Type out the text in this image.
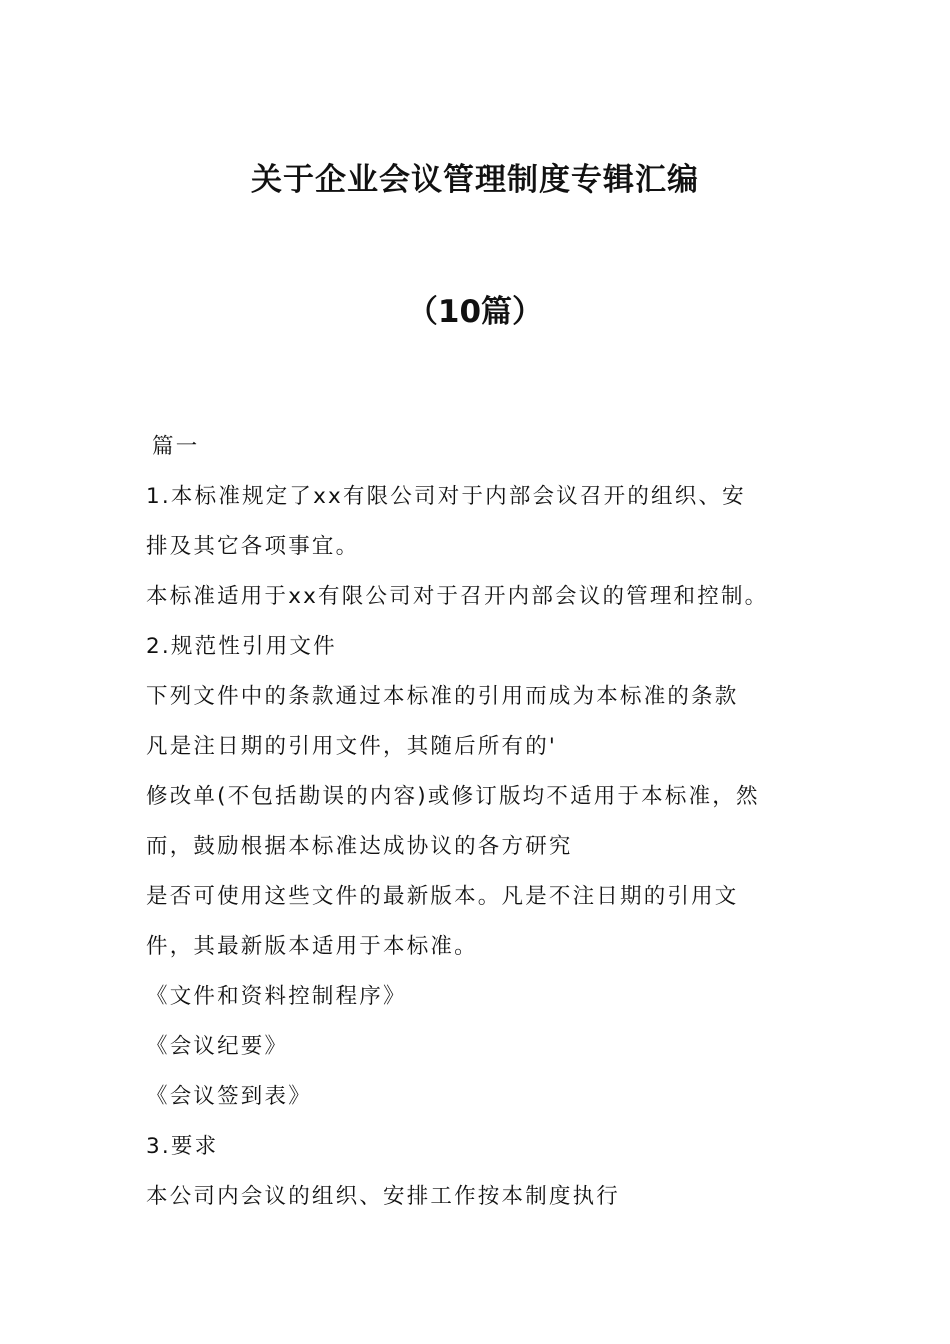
关于企业会议管理制度专辑汇编
（10篇）

篇一

1.本标准规定了xx有限公司对于内部会议召开的组织、安

排及其它各项事宜。

本标准适用于xx有限公司对于召开内部会议的管理和控制。

2.规范性引用文件

下列文件中的条款通过本标准的引用而成为本标准的条款

凡是注日期的引用文件，其随后所有的'

修改单(不包括勘误的内容)或修订版均不适用于本标准，然

而，鼓励根据本标准达成协议的各方研究

是否可使用这些文件的最新版本。凡是不注日期的引用文

件，其最新版本适用于本标准。

《文件和资料控制程序》

《会议纪要》

《会议签到表》

3.要求

本公司内会议的组织、安排工作按本制度执行
